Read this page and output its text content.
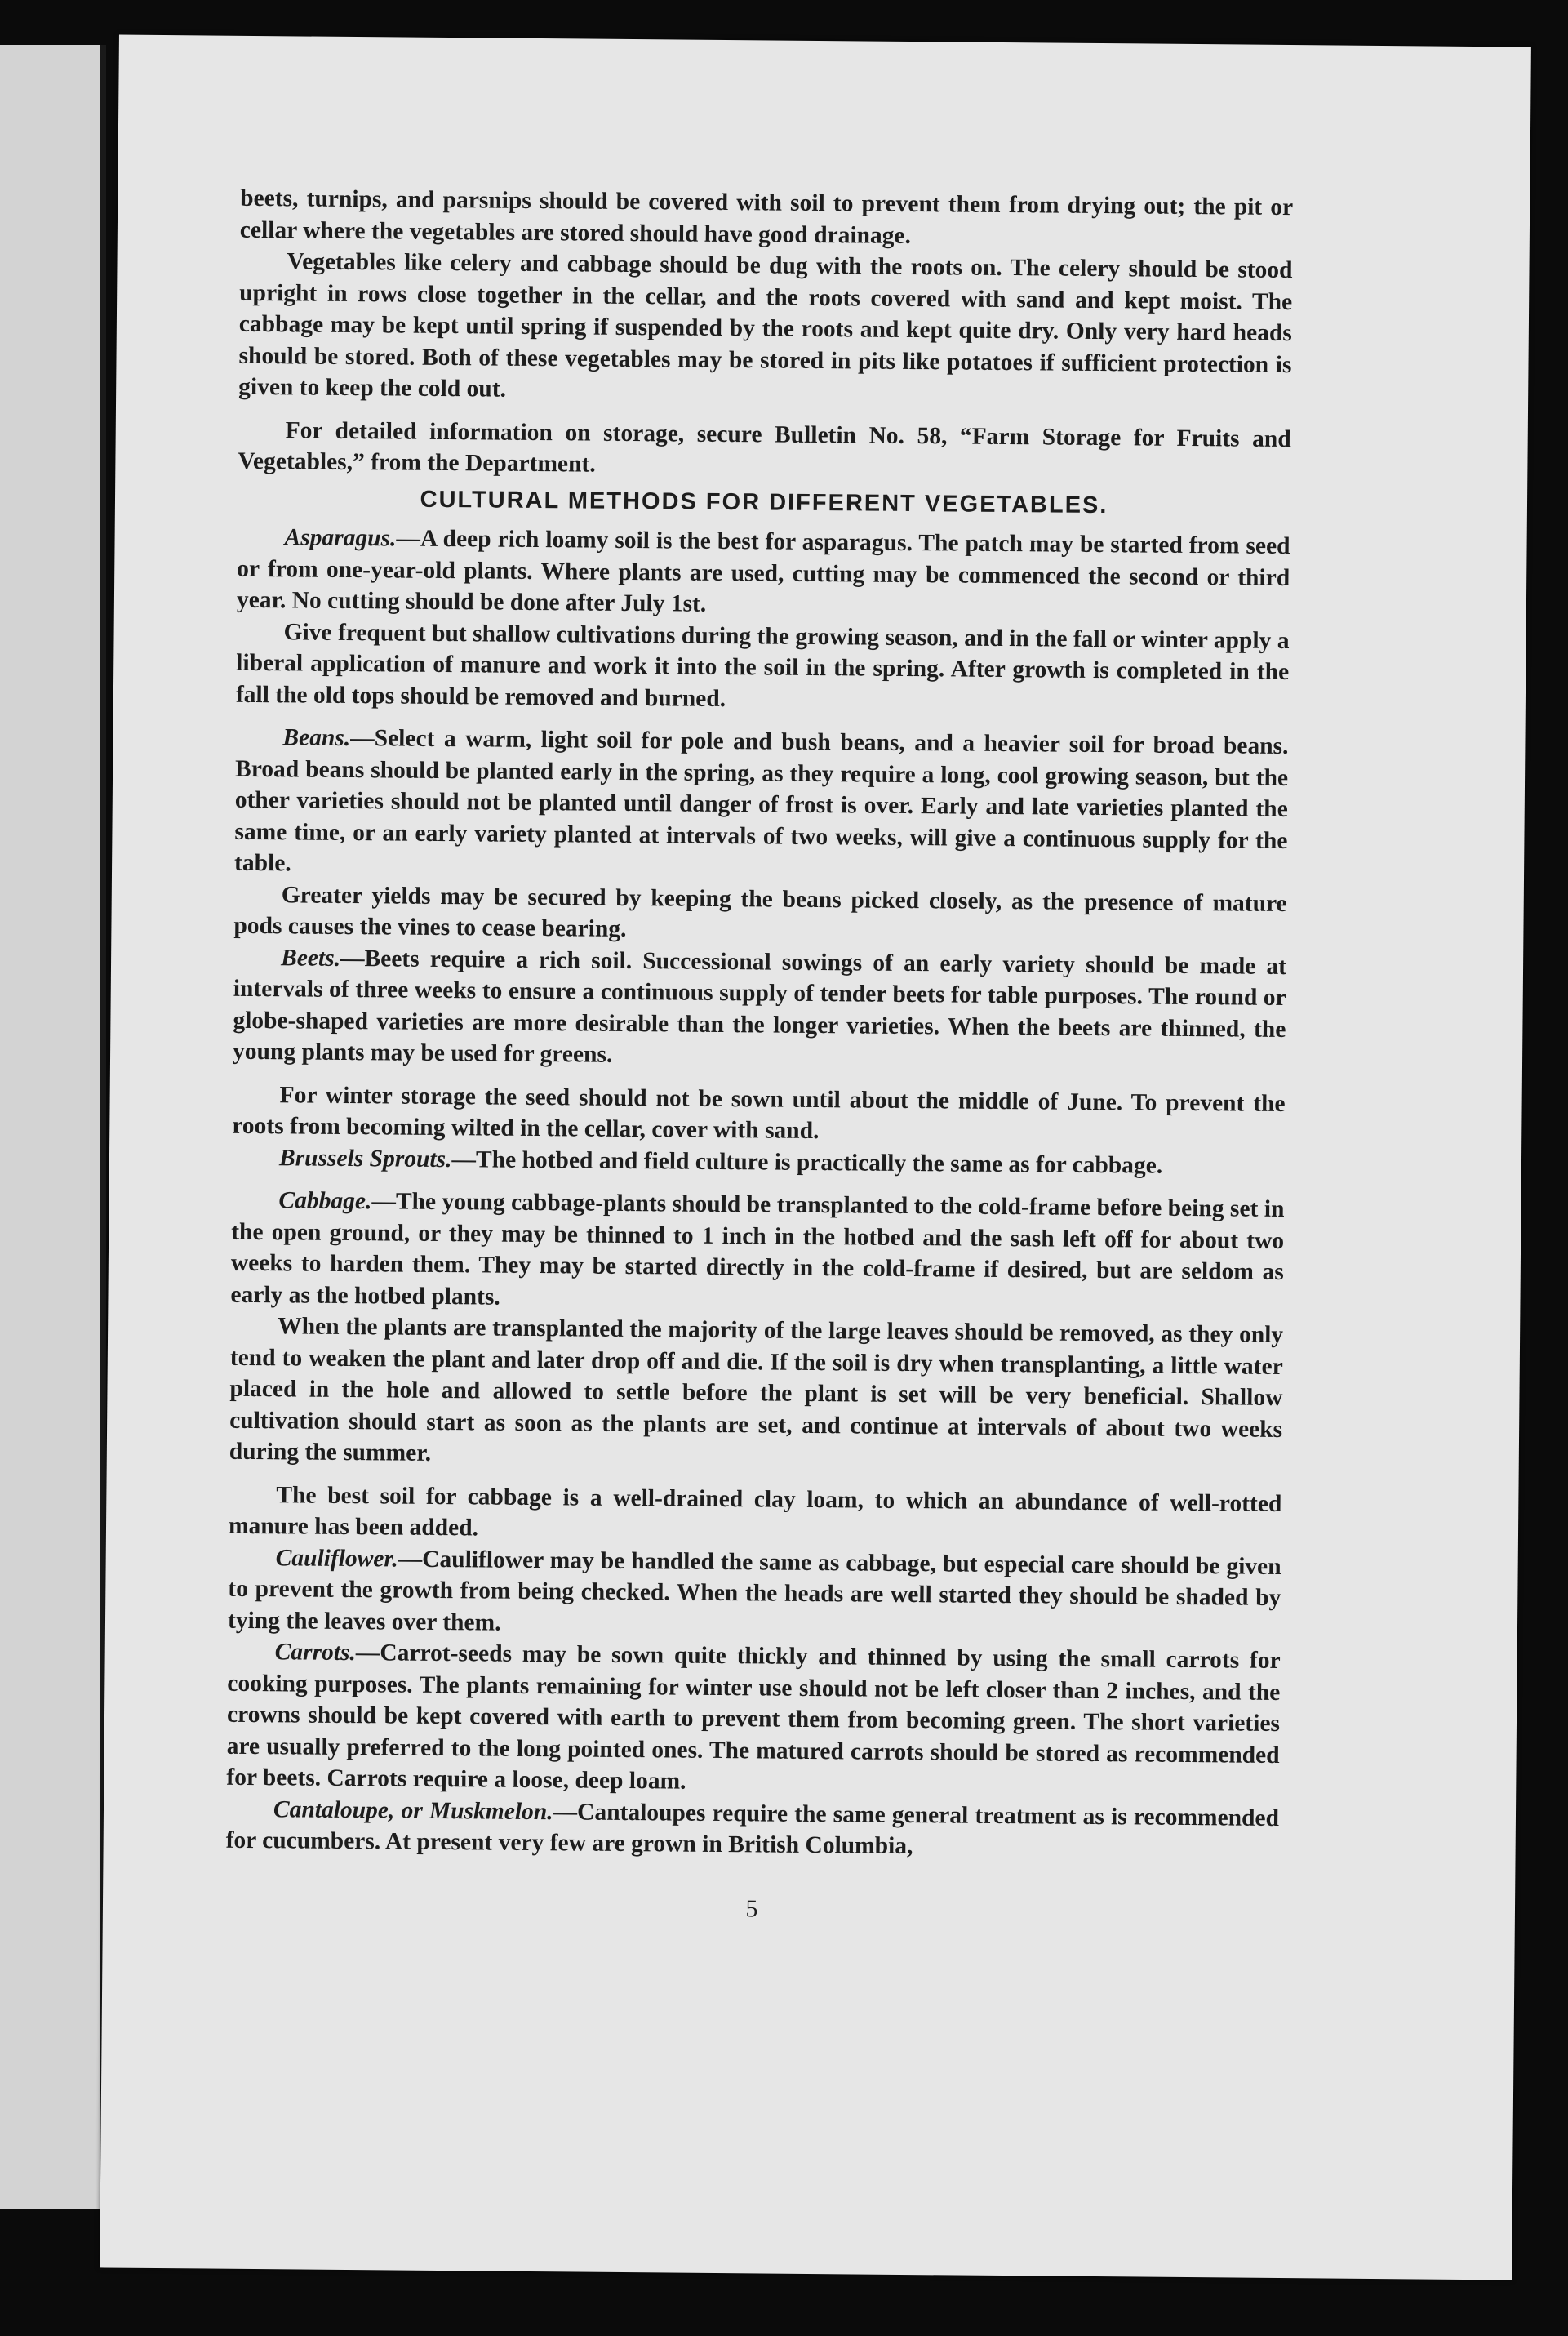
beets, turnips, and parsnips should be covered with soil to prevent them from drying out; the pit or cellar where the vegetables are stored should have good drainage.

Vegetables like celery and cabbage should be dug with the roots on. The celery should be stood upright in rows close together in the cellar, and the roots covered with sand and kept moist. The cabbage may be kept until spring if suspended by the roots and kept quite dry. Only very hard heads should be stored. Both of these vegetables may be stored in pits like potatoes if sufficient protection is given to keep the cold out.

For detailed information on storage, secure Bulletin No. 58, “Farm Storage for Fruits and Vegetables,” from the Department.

CULTURAL METHODS FOR DIFFERENT VEGETABLES.

Asparagus.—A deep rich loamy soil is the best for asparagus. The patch may be started from seed or from one-year-old plants. Where plants are used, cutting may be commenced the second or third year. No cutting should be done after July 1st.

Give frequent but shallow cultivations during the growing season, and in the fall or winter apply a liberal application of manure and work it into the soil in the spring. After growth is completed in the fall the old tops should be removed and burned.

Beans.—Select a warm, light soil for pole and bush beans, and a heavier soil for broad beans. Broad beans should be planted early in the spring, as they require a long, cool growing season, but the other varieties should not be planted until danger of frost is over. Early and late varieties planted the same time, or an early variety planted at intervals of two weeks, will give a continuous supply for the table.

Greater yields may be secured by keeping the beans picked closely, as the presence of mature pods causes the vines to cease bearing.

Beets.—Beets require a rich soil. Successional sowings of an early variety should be made at intervals of three weeks to ensure a continuous supply of tender beets for table purposes. The round or globe-shaped varieties are more desirable than the longer varieties. When the beets are thinned, the young plants may be used for greens.

For winter storage the seed should not be sown until about the middle of June. To prevent the roots from becoming wilted in the cellar, cover with sand.

Brussels Sprouts.—The hotbed and field culture is practically the same as for cabbage.

Cabbage.—The young cabbage-plants should be transplanted to the cold-frame before being set in the open ground, or they may be thinned to 1 inch in the hotbed and the sash left off for about two weeks to harden them. They may be started directly in the cold-frame if desired, but are seldom as early as the hotbed plants.

When the plants are transplanted the majority of the large leaves should be removed, as they only tend to weaken the plant and later drop off and die. If the soil is dry when transplanting, a little water placed in the hole and allowed to settle before the plant is set will be very beneficial. Shallow cultivation should start as soon as the plants are set, and continue at intervals of about two weeks during the summer.

The best soil for cabbage is a well-drained clay loam, to which an abundance of well-rotted manure has been added.

Cauliflower.—Cauliflower may be handled the same as cabbage, but especial care should be given to prevent the growth from being checked. When the heads are well started they should be shaded by tying the leaves over them.

Carrots.—Carrot-seeds may be sown quite thickly and thinned by using the small carrots for cooking purposes. The plants remaining for winter use should not be left closer than 2 inches, and the crowns should be kept covered with earth to prevent them from becoming green. The short varieties are usually preferred to the long pointed ones. The matured carrots should be stored as recommended for beets. Carrots require a loose, deep loam.

Cantaloupe, or Muskmelon.—Cantaloupes require the same general treatment as is recommended for cucumbers. At present very few are grown in British Columbia,

5
